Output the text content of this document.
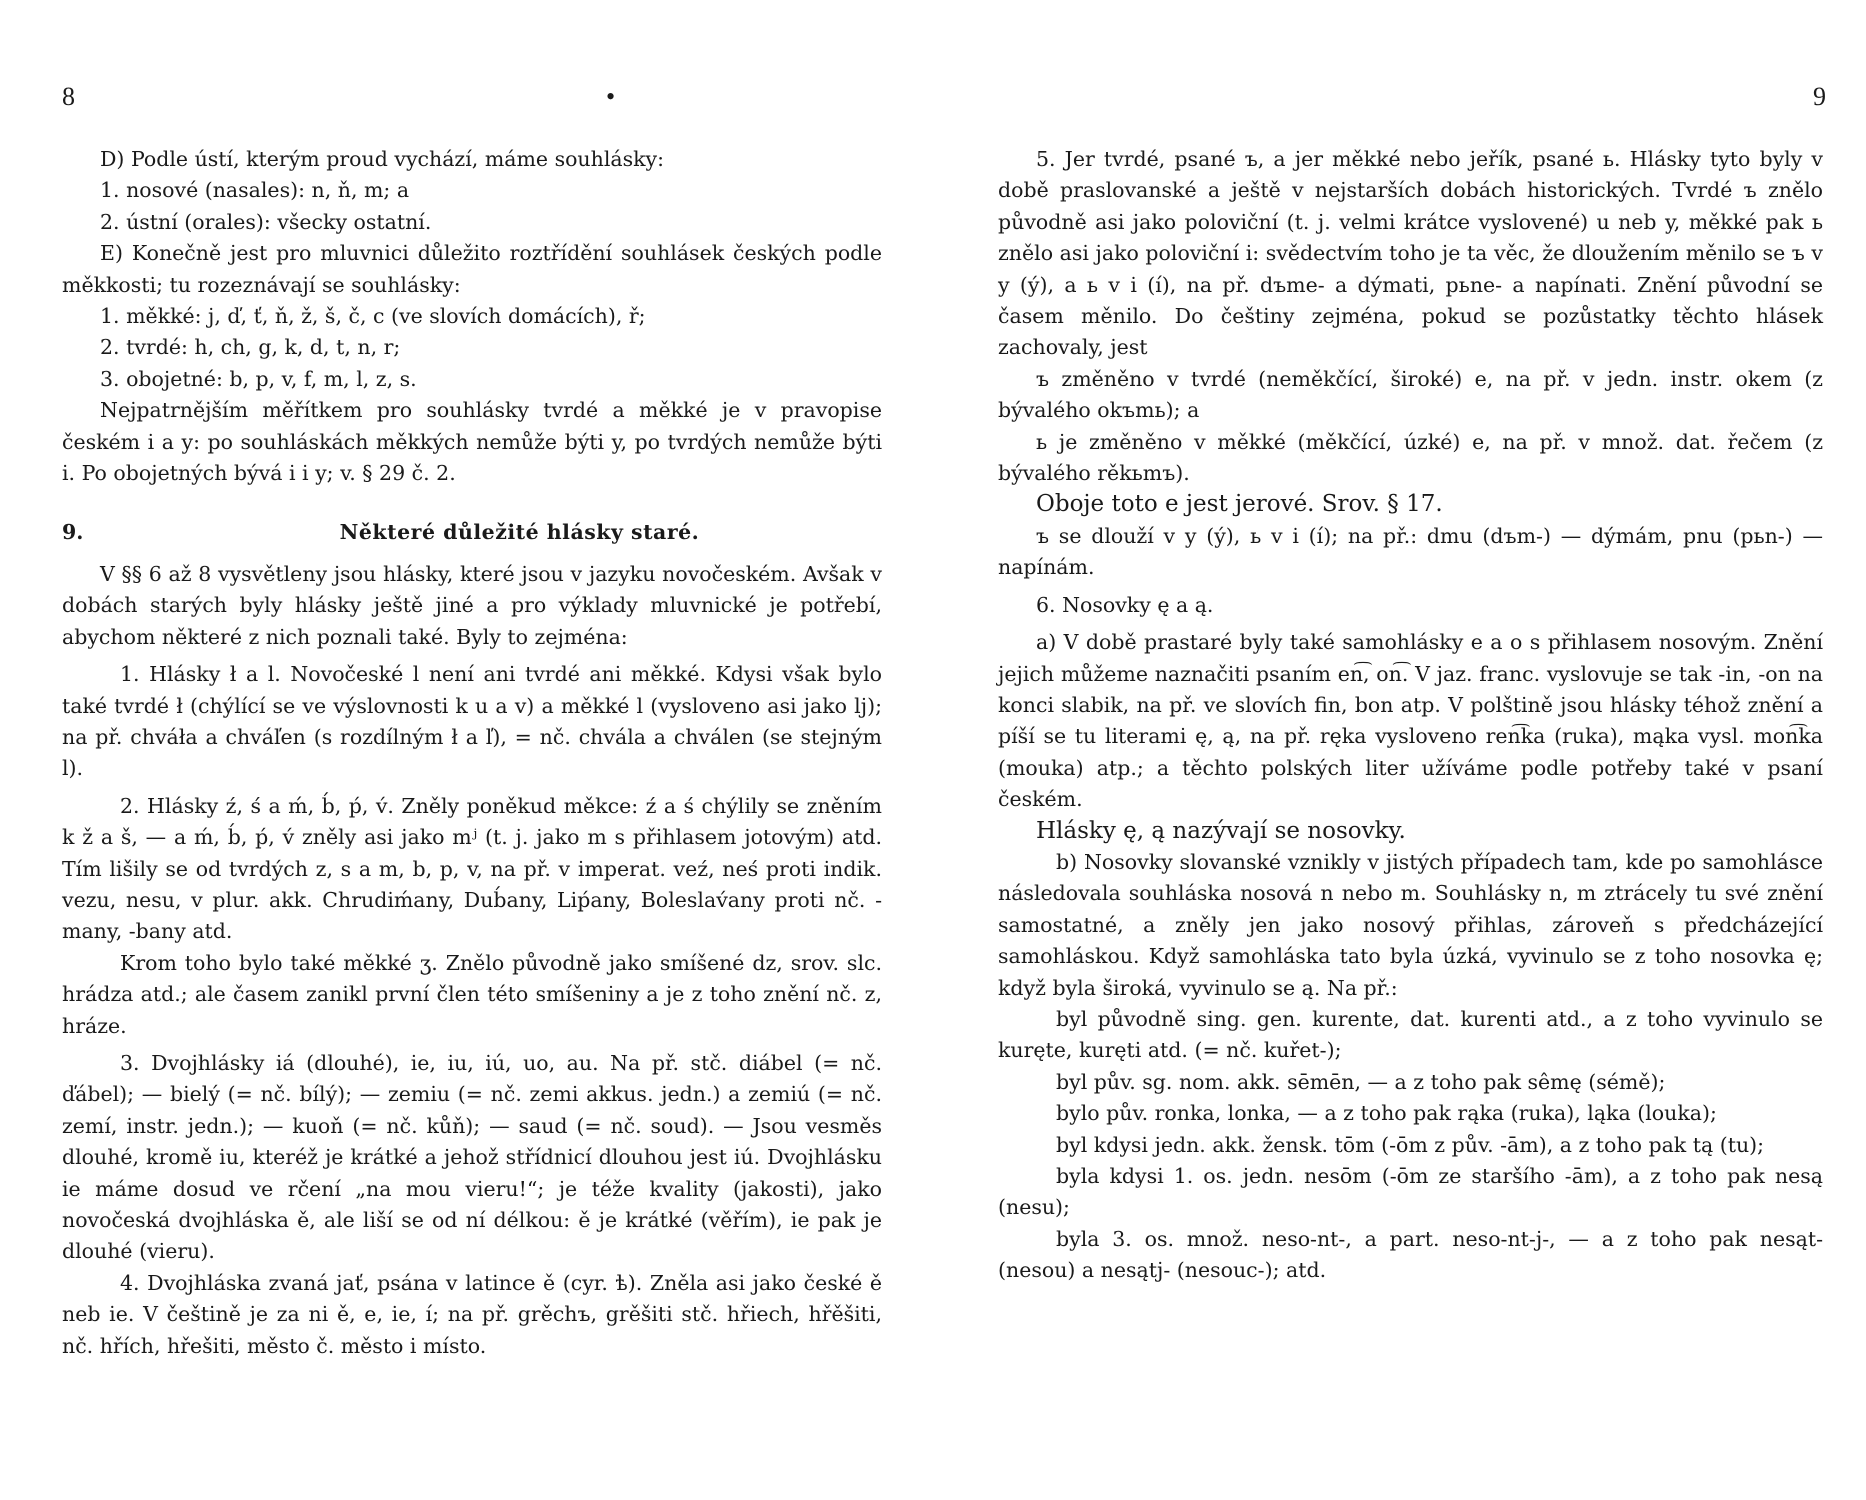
8	•

D) Podle ústí, kterým proud vychází, máme souhlásky:

1. nosové (nasales): n, ň, m; a

2. ústní (orales): všecky ostatní.

E) Konečně jest pro mluvnici důležito roztřídění souhlásek českých podle měkkosti; tu rozeznávají se souhlásky:

1. měkké: j, ď, ť, ň, ž, š, č, c (ve slovích domácích), ř;

2. tvrdé: h, ch, g, k, d, t, n, r;

3. obojetné: b, p, v, f, m, l, z, s.

Nejpatrnějším měřítkem pro souhlásky tvrdé a měkké je v pravopise českém i a y: po souhláskách měkkých nemůže býti y, po tvrdých nemůže býti i. Po obojetných bývá i i y; v. § 29 č. 2.

9.	Některé důležité hlásky staré.

V §§ 6 až 8 vysvětleny jsou hlásky, které jsou v jazyku novočeském. Avšak v dobách starých byly hlásky ještě jiné a pro výklady mluvnické je potřebí, abychom některé z nich poznali také. Byly to zejména:

1. Hlásky ł a l. Novočeské l není ani tvrdé ani měkké. Kdysi však bylo také tvrdé ł (chýlící se ve výslovnosti k u a v) a měkké l (vysloveno asi jako lj); na př. chváła a chvál̕en (s rozdílným ł a l̕), = nč. chvála a chválen (se stejným l).

2. Hlásky ź, ś a ḿ, b́, ṕ, v́. Zněly poněkud měkce: ź a ś chýlily se zněním k ž a š, — a ḿ, b́, ṕ, v́ zněly asi jako mʲ (t. j. jako m s přihlasem jotovým) atd. Tím lišily se od tvrdých z, s a m, b, p, v, na př. v imperat. veź, neś proti indik. vezu, nesu, v plur. akk. Chrudiḿany, Dub́any, Liṕany, Boleslav́any proti nč. -many, -bany atd.

Krom toho bylo také měkké ʒ. Znělo původně jako smíšené dz, srov. slc. hrádza atd.; ale časem zanikl první člen této smíšeniny a je z toho znění nč. z, hráze.

3. Dvojhlásky iá (dlouhé), ie, iu, iú, uo, au. Na př. stč. diábel (= nč. ďábel); — bielý (= nč. bílý); — zemiu (= nč. zemi akkus. jedn.) a zemiú (= nč. zemí, instr. jedn.); — kuoň (= nč. kůň); — saud (= nč. soud). — Jsou vesměs dlouhé, kromě iu, kteréž je krátké a jehož střídnicí dlouhou jest iú. Dvojhlásku ie máme dosud ve rčení „na mou vieru!“; je téže kvality (jakosti), jako novočeská dvojhláska ě, ale liší se od ní délkou: ě je krátké (věřím), ie pak je dlouhé (vieru).

4. Dvojhláska zvaná jať, psána v latince ě (cyr. ѣ). Zněla asi jako české ě neb ie. V češtině je za ni ě, e, ie, í; na př. grěchъ, grěšiti stč. hřiech, hřěšiti, nč. hřích, hřešiti, město č. město i místo.

9

5. Jer tvrdé, psané ъ, a jer měkké nebo jeřík, psané ь. Hlásky tyto byly v době praslovanské a ještě v nejstarších dobách historických. Tvrdé ъ znělo původně asi jako poloviční (t. j. velmi krátce vyslovené) u neb y, měkké pak ь znělo asi jako poloviční i: svědectvím toho je ta věc, že dloužením měnilo se ъ v y (ý), a ь v i (í), na př. dъme- a dýmati, pьne- a napínati. Znění původní se časem měnilo. Do češtiny zejména, pokud se pozůstatky těchto hlásek zachovaly, jest

ъ změněno v tvrdé (neměkčící, široké) e, na př. v jedn. instr. okem (z bývalého okъmь); a

ь je změněno v měkké (měkčící, úzké) e, na př. v množ. dat. řečem (z bývalého rěkьmъ).

Oboje toto e jest jerové. Srov. § 17.

ъ se dlouží v y (ý), ь v i (í); na př.: dmu (dъm-) — dýmám, pnu (pьn-) — napínám.

6. Nosovky ę a ą.

a) V době prastaré byly také samohlásky e a o s přihlasem nosovým. Znění jejich můžeme naznačiti psaním en͡, on͡. V jaz. franc. vyslovuje se tak -in, -on na konci slabik, na př. ve slovích fin, bon atp. V polštině jsou hlásky téhož znění a píší se tu literami ę, ą, na př. ręka vysloveno ren͡ka (ruka), mąka vysl. mon͡ka (mouka) atp.; a těchto polských liter užíváme podle potřeby také v psaní českém.

Hlásky ę, ą nazývají se nosovky.

b) Nosovky slovanské vznikly v jistých případech tam, kde po samohlásce následovala souhláska nosová n nebo m. Souhlásky n, m ztrácely tu své znění samostatné, a zněly jen jako nosový přihlas, zároveň s předcházející samohláskou. Když samohláska tato byla úzká, vyvinulo se z toho nosovka ę; když byla široká, vyvinulo se ą. Na př.:

byl původně sing. gen. kurente, dat. kurenti atd., a z toho vyvinulo se kuręte, kuręti atd. (= nč. kuřet-);

byl pův. sg. nom. akk. sēmēn, — a z toho pak sêmę (sémě);

bylo pův. ronka, lonka, — a z toho pak rąka (ruka), ląka (louka);

byl kdysi jedn. akk. žensk. tōm (-ōm z pův. -ām), a z toho pak tą (tu);

byla kdysi 1. os. jedn. nesōm (-ōm ze staršího -ām), a z toho pak nesą (nesu);

byla 3. os. množ. neso-nt-, a part. neso-nt-j-, — a z toho pak nesąt- (nesou) a nesątj- (nesouc-); atd.
